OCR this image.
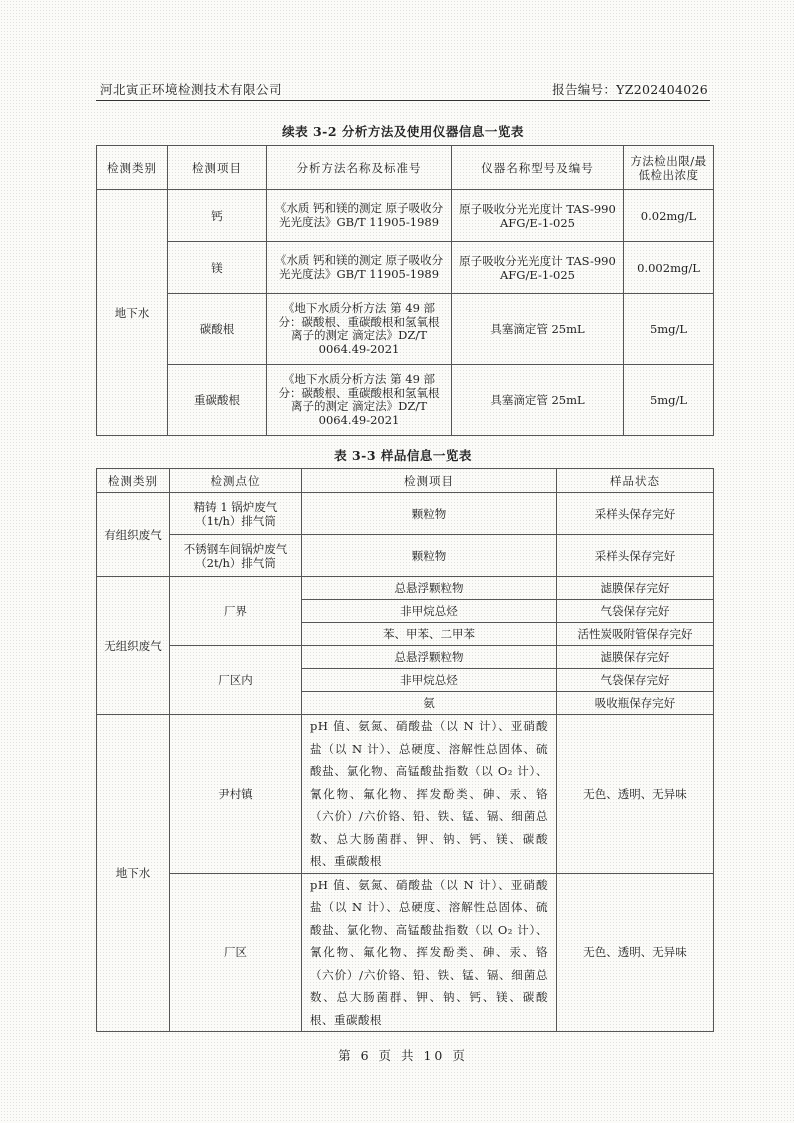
河北寅正环境检测技术有限公司	报告编号：YZ202404026
续表 3-2 分析方法及使用仪器信息一览表
检测类别	检测项目	分析方法名称及标准号	仪器名称型号及编号	方法检出限/最低检出浓度
地下水	钙	《水质 钙和镁的测定 原子吸收分光光度法》GB/T 11905-1989	原子吸收分光光度计 TAS-990 AFG/E-1-025	0.02mg/L
	镁	《水质 钙和镁的测定 原子吸收分光光度法》GB/T 11905-1989	原子吸收分光光度计 TAS-990 AFG/E-1-025	0.002mg/L
	碳酸根	《地下水质分析方法 第 49 部分：碳酸根、重碳酸根和氢氧根离子的测定 滴定法》DZ/T 0064.49-2021	具塞滴定管 25mL	5mg/L
	重碳酸根	《地下水质分析方法 第 49 部分：碳酸根、重碳酸根和氢氧根离子的测定 滴定法》DZ/T 0064.49-2021	具塞滴定管 25mL	5mg/L
表 3-3 样品信息一览表
检测类别	检测点位	检测项目	样品状态
有组织废气	精铸 1 锅炉废气（1t/h）排气筒	颗粒物	采样头保存完好
	不锈钢车间锅炉废气（2t/h）排气筒	颗粒物	采样头保存完好
无组织废气	厂界	总悬浮颗粒物	滤膜保存完好
		非甲烷总烃	气袋保存完好
		苯、甲苯、二甲苯	活性炭吸附管保存完好
	厂区内	总悬浮颗粒物	滤膜保存完好
		非甲烷总烃	气袋保存完好
		氨	吸收瓶保存完好
地下水	尹村镇	pH 值、氨氮、硝酸盐（以 N 计）、亚硝酸盐（以 N 计）、总硬度、溶解性总固体、硫酸盐、氯化物、高锰酸盐指数（以 O₂ 计）、氰化物、氟化物、挥发酚类、砷、汞、铬（六价）/六价铬、铅、铁、锰、镉、细菌总数、总大肠菌群、钾、钠、钙、镁、碳酸根、重碳酸根	无色、透明、无异味
	厂区	pH 值、氨氮、硝酸盐（以 N 计）、亚硝酸盐（以 N 计）、总硬度、溶解性总固体、硫酸盐、氯化物、高锰酸盐指数（以 O₂ 计）、氰化物、氟化物、挥发酚类、砷、汞、铬（六价）/六价铬、铅、铁、锰、镉、细菌总数、总大肠菌群、钾、钠、钙、镁、碳酸根、重碳酸根	无色、透明、无异味
第 6 页 共 10 页
